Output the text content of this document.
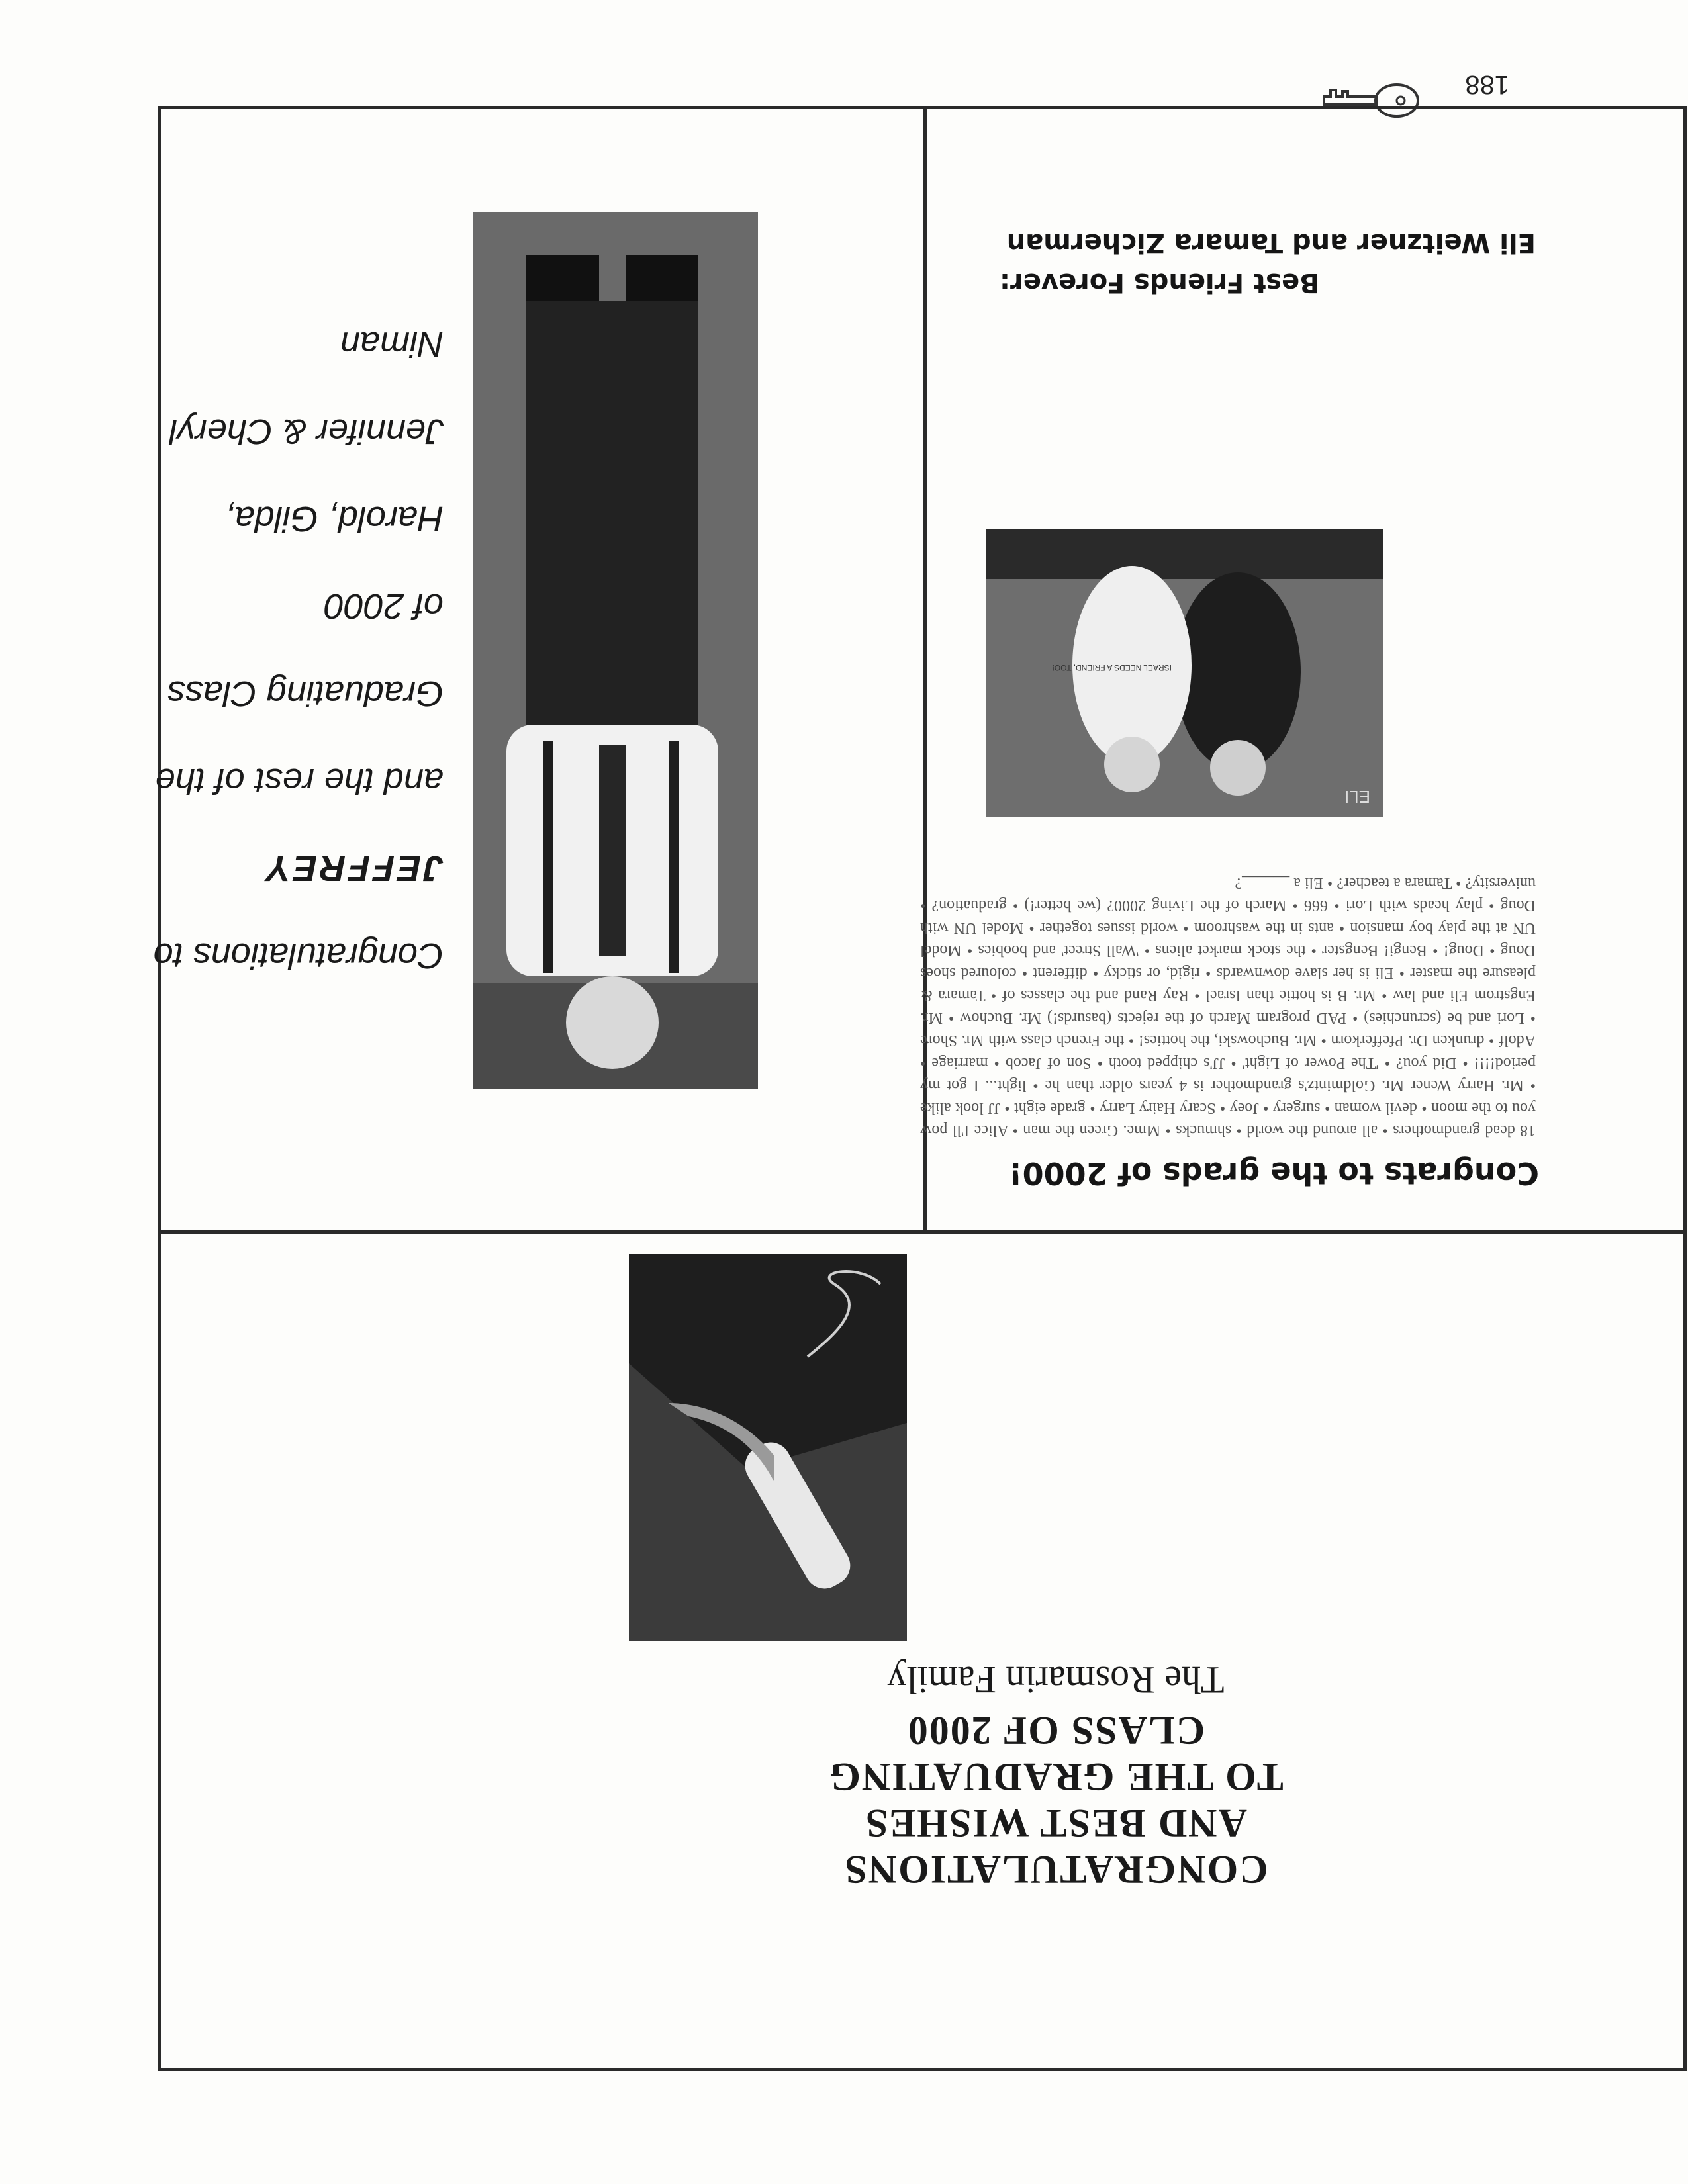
188
CONGRATULATIONS
AND BEST WISHES
TO THE GRADUATING
CLASS OF 2000
The Rosmarin Family
Congrats to the grads of 2000!
18 dead grandmothers • all around the world • shmucks • Mme. Green the man • Alice I'll pow you to the moon • devil woman • surgery • Joey • Scary Hairy Larry • grade eight • JJ look alike • Mr. Harry Wener Mr. Goldmintz's grandmother is 4 years older than he • light... I got my period!!!! • Did you? • 'The Power of Light' • JJ's chipped tooth • Son of Jacob • marriage • Adolf • drunken Dr. Pfefferkorn • Mr. Buchowski, the hotties! • the French class with Mr. Shore • Lori and be (scrunchies) • PAD program March of the rejects (basurds!) Mr. Buchow • Mr. Engstrom Eli and law • Mr. B is hottie than Israel • Ray Rand and the classes of • Tamara & pleasure the master • Eli is her slave downwards • rigid, or sticky • different • coloured shoes Doug • Doug! • Bengi! Bengster • the stock market aliens • 'Wall Street' and boobies • Model UN at the play boy mansion • ants in the washroom • world issues together • Model UN with Doug • play heads with Lori • 666 • March of the Living 2000? (we better!) • graduation? • university? • Tamara a teacher? • Eli a ______?
ELI
ISRAEL NEEDS A FRIEND, TOO!
Best Friends Forever:
Eli Weitzner and Tamara Zicherman
Congratulations to
JEFFREY
and the rest of the
Graduating Class
of 2000
Harold, Gilda,
Jennifer & Cheryl
Niman
